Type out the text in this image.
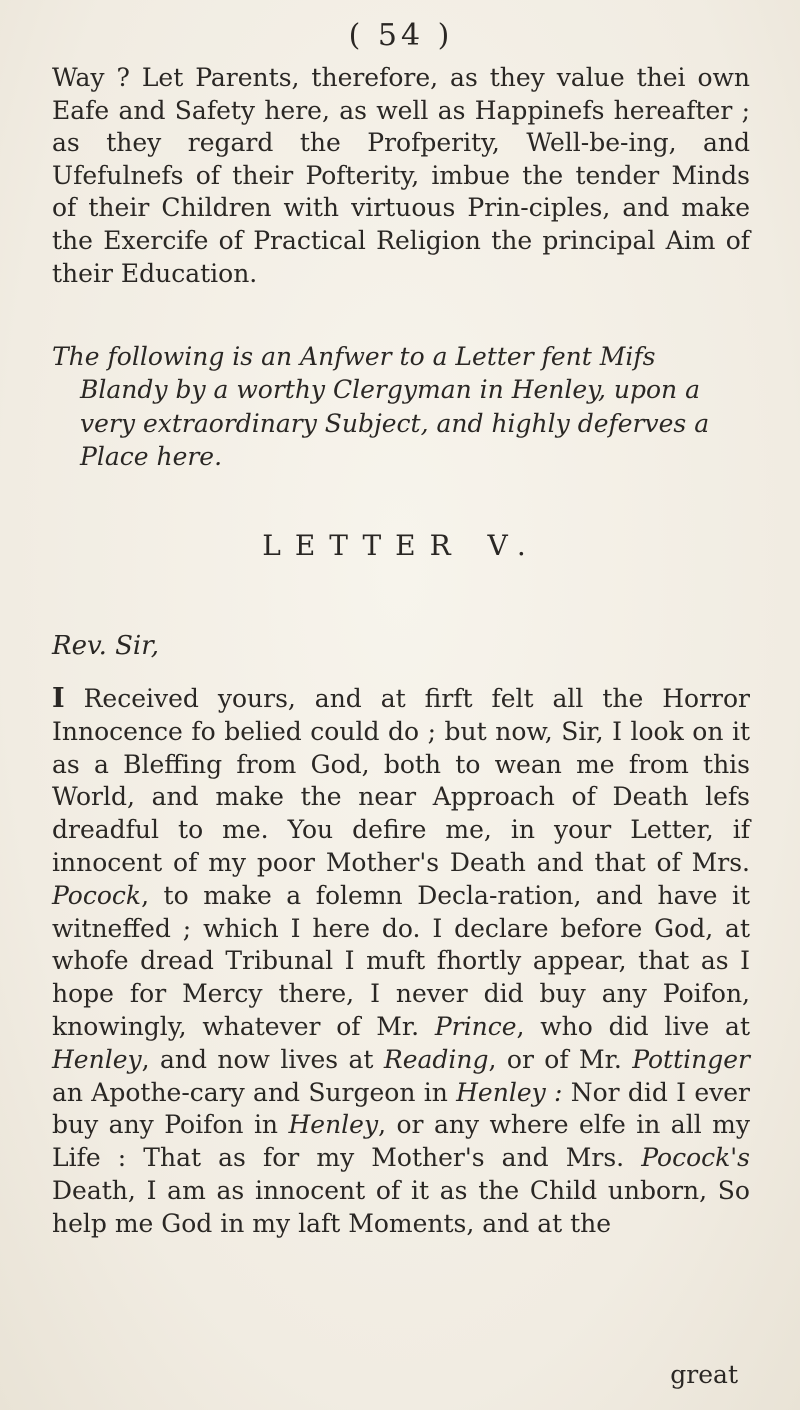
( 54 )

Way ? Let Parents, therefore, as they value thei own Eafe and Safety here, as well as Happinefs hereafter ; as they regard the Profperity, Well-be-ing, and Ufefulnefs of their Pofterity, imbue the tender Minds of their Children with virtuous Prin-ciples, and make the Exercife of Practical Religion the principal Aim of their Education.

The following is an Anfwer to a Letter fent Mifs Blandy by a worthy Clergyman in Henley, upon a very extraordinary Subject, and highly deferves a Place here.

LETTER V.
Rev. Sir,

I Received yours, and at firft felt all the Horror Innocence fo belied could do ; but now, Sir, I look on it as a Bleffing from God, both to wean me from this World, and make the near Approach of Death lefs dreadful to me. You defire me, in your Letter, if innocent of my poor Mother's Death and that of Mrs. Pocock, to make a folemn Decla-ration, and have it witneffed ; which I here do. I declare before God, at whofe dread Tribunal I muft fhortly appear, that as I hope for Mercy there, I never did buy any Poifon, knowingly, whatever of Mr. Prince, who did live at Henley, and now lives at Reading, or of Mr. Pottinger an Apothe-cary and Surgeon in Henley : Nor did I ever buy any Poifon in Henley, or any where elfe in all my Life : That as for my Mother's and Mrs. Pocock's Death, I am as innocent of it as the Child unborn, So help me God in my laft Moments, and at the

great
